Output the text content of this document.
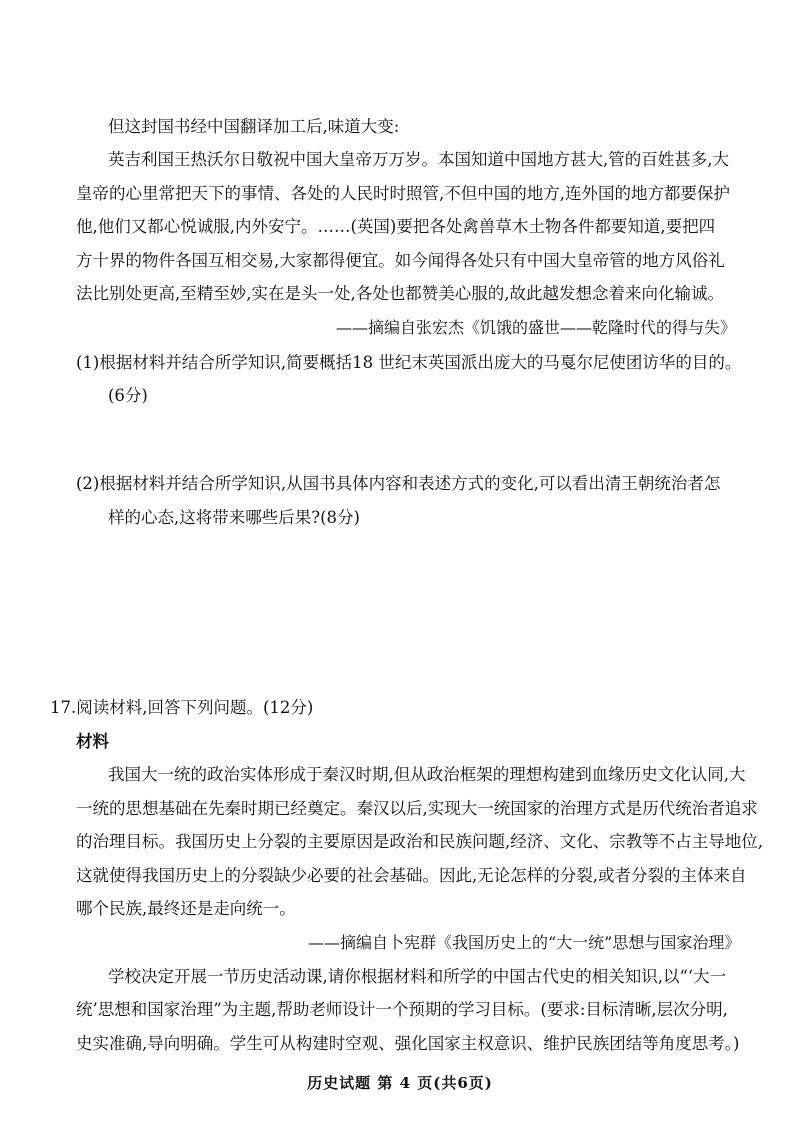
但这封国书经中国翻译加工后,味道大变:
英吉利国王热沃尔日敬祝中国大皇帝万万岁。本国知道中国地方甚大,管的百姓甚多,大
皇帝的心里常把天下的事情、各处的人民时时照管,不但中国的地方,连外国的地方都要保护
他,他们又都心悦诚服,内外安宁。……(英国)要把各处禽兽草木土物各件都要知道,要把四
方十界的物件各国互相交易,大家都得便宜。如今闻得各处只有中国大皇帝管的地方风俗礼
法比别处更高,至精至妙,实在是头一处,各处也都赞美心服的,故此越发想念着来向化输诚。
——摘编自张宏杰《饥饿的盛世——乾隆时代的得与失》
(1)根据材料并结合所学知识,简要概括18 世纪末英国派出庞大的马戛尔尼使团访华的目的。
(6分)
(2)根据材料并结合所学知识,从国书具体内容和表述方式的变化,可以看出清王朝统治者怎
样的心态,这将带来哪些后果?(8分)
17.阅读材料,回答下列问题。(12分)
材料
我国大一统的政治实体形成于秦汉时期,但从政治框架的理想构建到血缘历史文化认同,大
一统的思想基础在先秦时期已经奠定。秦汉以后,实现大一统国家的治理方式是历代统治者追求
的治理目标。我国历史上分裂的主要原因是政治和民族问题,经济、文化、宗教等不占主导地位,
这就使得我国历史上的分裂缺少必要的社会基础。因此,无论怎样的分裂,或者分裂的主体来自
哪个民族,最终还是走向统一。
——摘编自卜宪群《我国历史上的“大一统”思想与国家治理》
学校决定开展一节历史活动课,请你根据材料和所学的中国古代史的相关知识,以“‘大一
统’思想和国家治理”为主题,帮助老师设计一个预期的学习目标。(要求:目标清晰,层次分明,
史实准确,导向明确。学生可从构建时空观、强化国家主权意识、维护民族团结等角度思考。)
历史试题 第 4 页(共6页)
